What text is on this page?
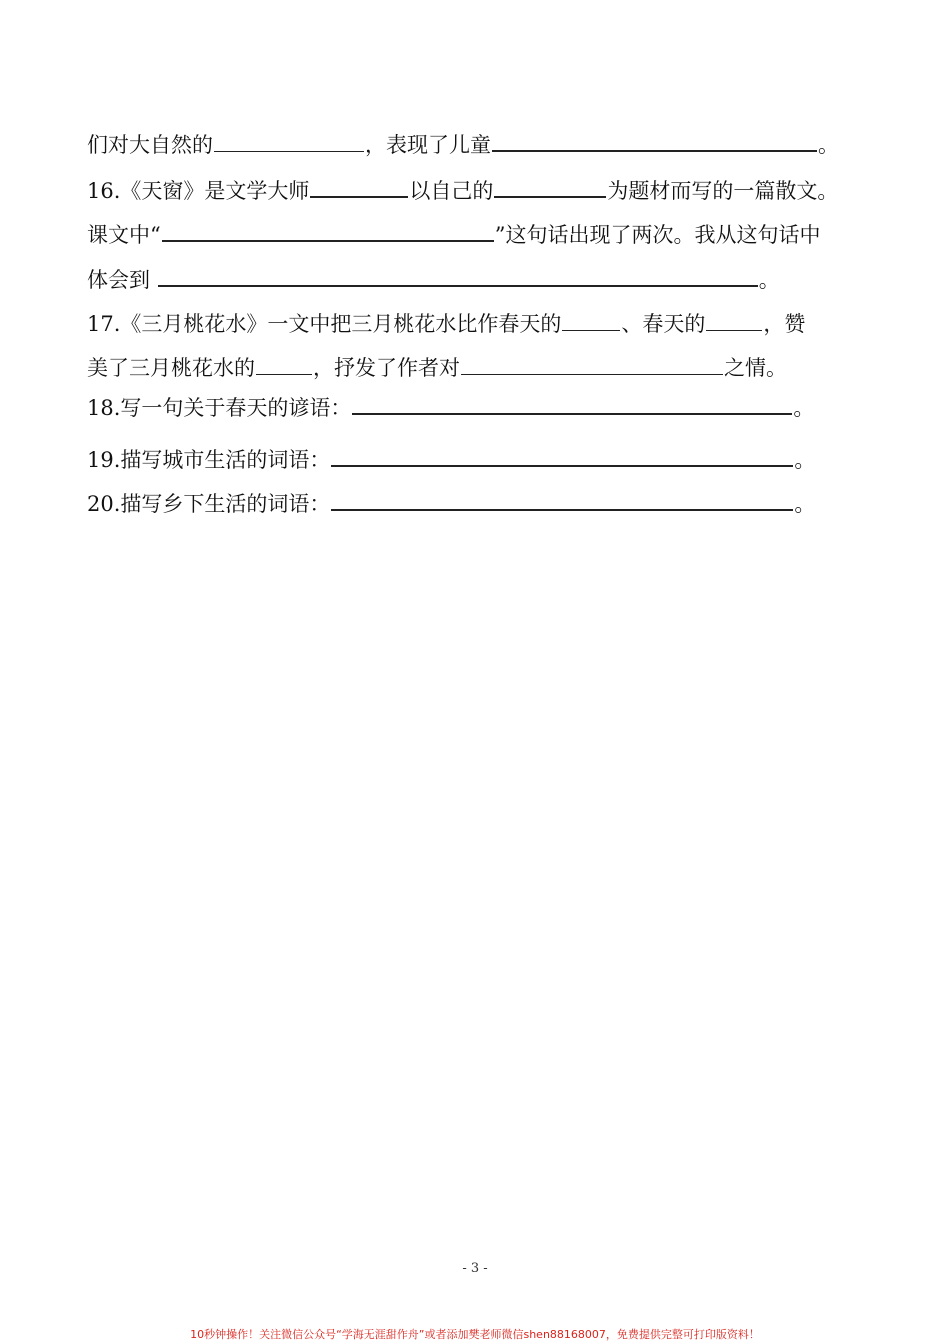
们对大自然的	，表现了儿童	。
16.《天窗》是文学大师	以自己的	为题材而写的一篇散文。
课文中“	”这句话出现了两次。我从这句话中
体会到	。
17.《三月桃花水》一文中把三月桃花水比作春天的	、春天的	，赞
美了三月桃花水的	，抒发了作者对	之情。
18.写一句关于春天的谚语：	。
19.描写城市生活的词语：	。
20.描写乡下生活的词语：	。
- 3 -
10秒钟操作！关注微信公众号“学海无涯甜作舟”或者添加樊老师微信shen88168007，免费提供完整可打印版资料！
